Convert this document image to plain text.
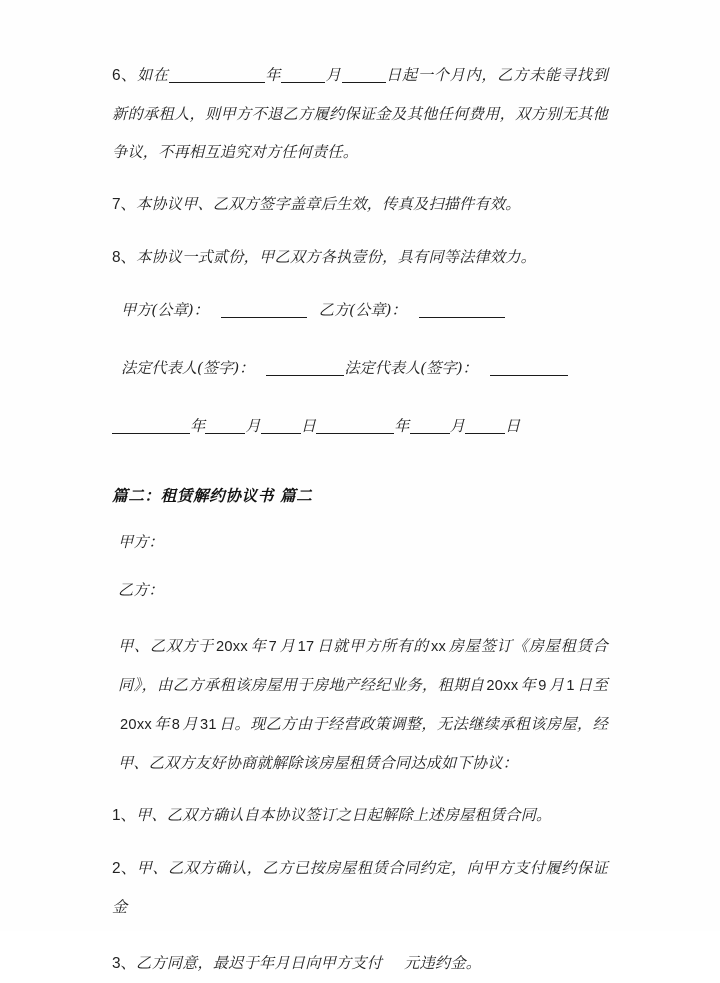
6、如在	年	月	日起一个月内，乙方未能寻找到新的承租人，则甲方不退乙方履约保证金及其他任何费用，双方别无其他争议，不再相互追究对方任何责任。

7、本协议甲、乙双方签字盖章后生效，传真及扫描件有效。

8、本协议一式贰份，甲乙双方各执壹份，具有同等法律效力。

甲方(公章)：	乙方(公章)：

法定代表人(签字)：	法定代表人(签字)：

年	月	日	年	月	日

篇二：租赁解约协议书 篇二

甲方：

乙方：

甲、乙双方于 20xx 年 7 月 17 日就甲方所有的 xx 房屋签订《房屋租赁合同》，由乙方承租该房屋用于房地产经纪业务，租期自 20xx 年 9 月 1 日至20xx 年 8 月 31 日。现乙方由于经营政策调整，无法继续承租该房屋，经甲、乙双方友好协商就解除该房屋租赁合同达成如下协议：

1、甲、乙双方确认自本协议签订之日起解除上述房屋租赁合同。

2、甲、乙双方确认，乙方已按房屋租赁合同约定，向甲方支付履约保证金

3、乙方同意，最迟于年月日向甲方支付 元违约金。
